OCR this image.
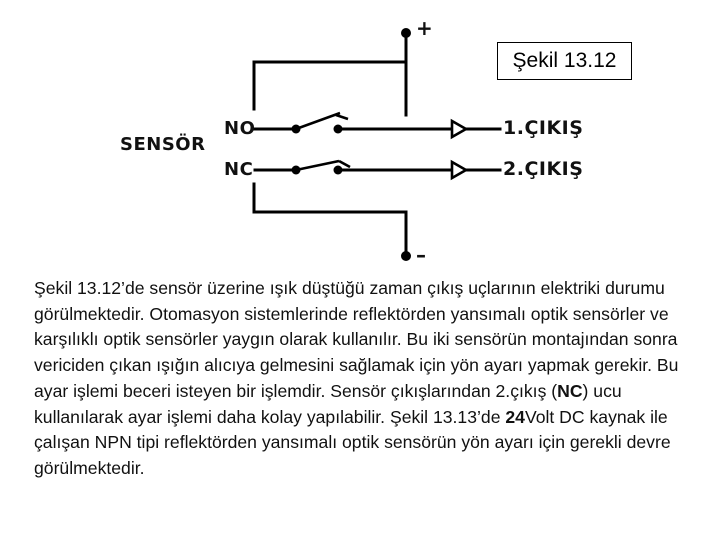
+
–
SENSÖR
NO
NC
1.ÇIKIŞ
2.ÇIKIŞ
Şekil 13.12
Şekil 13.12’de sensör üzerine ışık düştüğü zaman çıkış uçlarının elektriki durumu görülmektedir. Otomasyon sistemlerinde reflektörden yansımalı optik sensörler ve karşılıklı optik sensörler yaygın olarak kullanılır. Bu iki sensörün montajından sonra vericiden çıkan ışığın alıcıya gelmesini sağlamak için yön ayarı yapmak gerekir. Bu ayar işlemi beceri isteyen bir işlemdir. Sensör çıkışlarından 2.çıkış (NC) ucu kullanılarak ayar işlemi daha kolay yapılabilir. Şekil 13.13’de 24Volt DC kaynak ile çalışan NPN tipi reflektörden yansımalı optik sensörün yön ayarı için gerekli devre görülmektedir.
